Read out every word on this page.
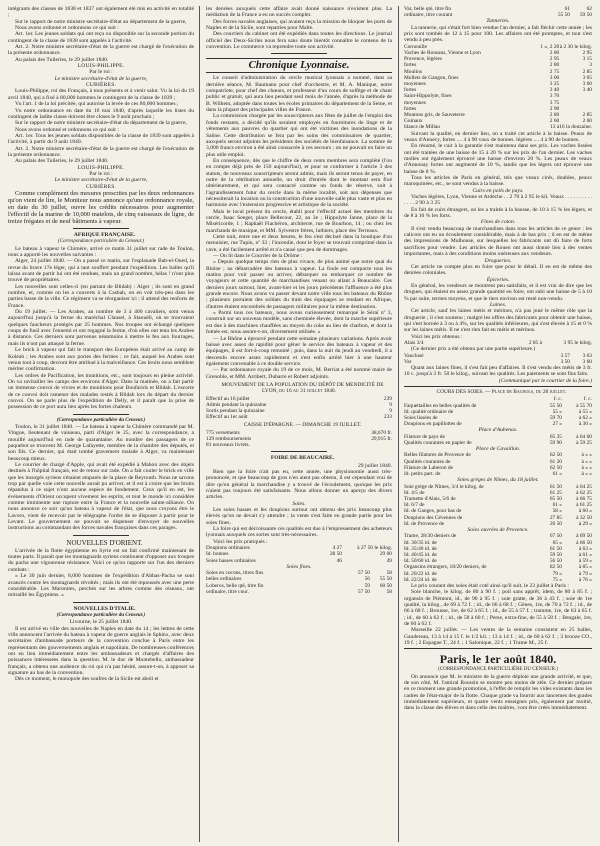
intégrants des classes de 1838 et 1837 ont également été mis en activité en totalité ;

Sur le rapport de notre ministre secrétaire-d'état au département de la guerre,

Nous avons ordonné et ordonnons ce qui suit :

Art. 1er. Les jeunes soldats qui ont reçu ou disponible sur la seconde portion du contingent de la classe de 1838 sont appelés à l'activité.

Art. 2. Notre ministre secrétaire-d'état de la guerre est chargé de l'exécution de la présente ordonnance.

Au palais des Tuileries, le 29 juillet 1840.

LOUIS-PHILIPPE.

Par le roi :

Le ministre secrétaire-d'état de la guerre,

CUBIÈRES.

Louis-Philippe, roi des Français, à tous présents et à venir salut. Vu la loi du 19 avril 1840, qui a fixé à 80,000 hommes le contingent de la classe de 1839 ;

Vu l'art. 1 de la loi précitée, qui autorise la levée de ces 80,000 hommes ;

Vu notre ordonnance en date du 16 mai 1840, d'après laquelle les listes du contingent de ladite classe doivent être closes le 9 août prochain ;

Sur le rapport de notre ministre secrétaire-d'état du département de la guerre,

Nous avons ordonné et ordonnons ce qui suit :

Art. 1er. Tous les jeunes soldats disponibles de la classe de 1839 sont appelés à l'activité, à partir du 9 août 1840.

Art. 2. Notre ministre secrétaire-d'état de la guerre est chargé de l'exécution de la présente ordonnance.

Au palais des Tuileries, le 29 juillet 1840.

LOUIS-PHILIPPE.

Par le roi :

Le ministre secrétaire-d'état de la guerre,

CUBIÈRES.

Comme complément des mesures prescrites par les deux ordonnances qu'on vient de lire, le Moniteur nous annonce qu'une ordonnance royale, en date du 30 juillet, ouvre les crédits nécessaires pour augmenter l'effectif de la marine de 10,000 matelots, de cinq vaisseaux de ligne, de treize frégates et de neuf bâtiments à vapeur.

AFRIQUE FRANÇAISE.

(Correspondance particulière du Censeur.)

Le bateau à vapeur le Chimère, arrivé ce matin 31 juillet sur rade de Toulon, nous a apporté les nouvelles suivantes :

Alger, 24 juillet 1840. — On a passé ce matin, sur l'esplanade Bab-el-Oued, la revue du brave 17e léger, qui a tant souffert pendant l'expédition. Les balles qu'il laissa avant de partir lui ont été rendues, mais un grand nombre, hélas ! n'ont plus trouvé de propriétaires.

Les nouvelles sont celles-ci (en partant de Blidah) : Alger ; ils sont en grand nombre, et, comme on les a couverts à la Casbah, on en voit très-peu dans les parties basse de la ville. Ce régiment va se réorganiser ici ; il attend des renforts de France.

Du 19 juillet. — Les Arabes, au nombre de 3 à 400 cavaliers, sont venus aujourd'hui jusqu'à la ferme du maréchal Clausel, à Staouéli, où se trouvaient quelques faucheurs protégés par 25 hommes. Nos troupes ont échangé quelques coups de fusil avec l'ennemi et ont regagné la ferme, d'où elles ont tenu les Arabes à distance. Ces derniers sont parvenus néanmoins à mettre le feu aux fourrages, mais ils n'ont pas attaqué la ferme.

Le brick à vapeur qui fait le transport des Européens était arrivé au camp de Koléah ; les Arabes sont aux portes des fermes ; ce fait, auquel les Arabes sont venus tout à coup, devront être attribué à la malveillance. Ces bruits nous semblent mériter confirmation.

Les ordres de Pacification, les munitions, etc., sont toujours en pleine activité. On va ravitailler les camps des environs d'Alger. Dans la matinée, on a fait partir un immense convoi de vivres et de munitions pour Boufarick et Blidah. L'escorte de ce convoi doit ramener des malades restés à Blidah lors du départ du dernier convoi. On ne parle plus de l'expédition de Delly, et il paraît que la prise de possession de ce port aura lieu après les fortes chaleurs.

(Correspondance particulière du Censeur.)

Toulon, le 31 juillet 1840. — Le bateau à vapeur la Chimère commandé par M. Vingue, lieutenant de vaisseau, parti d'Alger le 25, avec la correspondance, a mouillé aujourd'hui en rade de quarantaine. Au nombre des passagers de ce paquebot se trouvent M. George Lafayette, membre de la chambre des députés, et son fils. Ce dernier, qui était tombé gravement malade à Alger, va maintenant beaucoup mieux.

Le courrier de chargé d'Apple, qui avait été expédié à Mahon avec des objets destinés à l'hôpital français, est de retour sur rade. On a fait couler le brick en ville que les insurgés syriens s'étaient emparés de la place de Beyrouth. Nous ne savons trop par quelle voie cette nouvelle aurait pu arriver, et il est à croire que les bruits répandus à ce sujet n'ont aucune espèce de fondement. Ceux qu'il en est, les événements d'Orient occupent vivement les esprits, et tout le monde ici considère comme imminente une rupture entre la France et la nouvelle sainte-alliance. On nous annonce ce soir qu'un bateau à vapeur de l'état, que nous croyons être le Lavoro, vient de recevoir par le télégraphe l'ordre de se disposer à partir pour le Levant. Le gouvernement ne pouvait se dispenser d'envoyer de nouvelles instructions au commandant des forces navales françaises dans ces parages.

NOUVELLES D'ORIENT.

L'arrivée de la flotte égyptienne en Syrie est un fait confirmé maintenant de toutes parts. Il paraît que les montagnards syriens continuent d'opposer aux troupes du pacha une vigoureuse résistance. Voici ce qu'on rapporte sur l'un des derniers combats :

« Le 30 juin dernier, 8,000 hommes de l'expédition d'Abbas-Pacha se sont avancés contre les montagnards révoltés ; mais ils ont été repoussés avec une perte considérable. Les Maronites, perchés sur les arbres comme des oiseaux, ont mitraillé les Égyptiens. »

NOUVELLES D'ITALIE.

(Correspondance particulière du Censeur.)

Livourne, le 25 juillet 1840.

Il est arrivé en ville des nouvelles de Naples en date du 14 ; les lettres de cette ville annoncent l'arrivée du bateau à vapeur de guerre anglais le Sphinx, avec deux secrétaires d'ambassade porteurs de la convention conclue à Paris entre les représentants des gouvernements anglais et napolitain. De nombreuses conférences ont eu lieu immédiatement entre les ambassadeurs et chargés d'affaires des puissances intéressées dans la question. M. le duc de Montebello, ambassadeur français, a obtenu une audience du roi qui n'a pas hésité, assure-t-on, à apposer sa signature au bas de la convention.

Dès ce moment, le monopole des soufres de la Sicile est aboli et

les denrées auxquels cette affaire avait donné naissance n'existent plus. La médiation de la France a eu un succès complet.

Des forces navales anglaises, qui avaient reçu la mission de bloquer les ports de Naples et de la Sicile, sont reparties pour Malte.

Des courriers du cabinet ont été expédiés dans toutes les directions. Le journal officiel des Deux-Siciles nous fera sans doute bientôt connaître le contenu de la convention. Le commerce va reprendre toute son activité.

Chronique Lyonnaise.

Le conseil d'administration du cercle musical lyonnais a nommé, dans sa dernière séance, M. Baumann pour chef d'orchestre, et M. A. Manique, notre compatriote, pour chef des chœurs, et professeur d'un cours de solfège et de chant public et gratuit, qui aura lieu pendant seul mois de l'année, d'après la méthode de B. Wilhem, adoptée dans toutes les écoles primaires du département de la Seine, et dans la plupart des principales villes de France.

La commission chargée par les souscripteurs aux fêtes de juillet de l'emploi des fonds restants, a décidé qu'ils seraient employés en fournitures de linge et de vêtements aux pauvres du quartier qui ont été victimes des inondations de la Saône. Cette distribution se fera par les soins des commissaires de quartier, auxquels seront adjoints les présidents des sociétés de bienfaisance. La somme de 3,000 francs environ a été ainsi consacrée à ces secours ; on ne pouvait en faire un plus utile emploi.

En conséquence, dès que le chiffre de deux cents membres sera complété (l'on en compte déjà près de 150 aujourd'hui), et pour se conformer à l'article 3 des statuts, de nouveaux souscripteurs seront admis, mais ils seront tenus de payer, en outre de la rétribution annuelle, un droit d'entrée dont le montant sera fixé ultérieurement, et qui sera consacré comme un fonds de réserve, soit à l'agrandissement futur du cercle dans la même localité, soit aux dépenses que nécessiterait la location ou la construction d'une nouvelle salle plus vaste et plus en harmonie avec l'extension progressive et artistique de la société.

Mais le local présent du cercle, établi pour l'effectif actuel des membres du cercle, Isaac Seeger, place Bellecour, 22, au 3e ; Hippolyte Janne, place de la Miséricorde, 1 ; Raphaël Flachéron, architecte, rue de Bourbon, 14 ; ou chez les marchands de musique, et MM. Sylvestre frères, luthiers, place des Terreaux.

Cette nuit, entre une et deux heures, le feu s'est déclaré dans la boutique d'un menuisier, rue Tupin, nº 33 ; l'incendie, dont le foyer se trouvait comprimé dans la cave, a été facilement arrêté et n'a causé que peu de dommages.

— On lit dans le Courrier de la Drôme :

« Depuis quelque temps rien de plus vivace, de plus animé que notre quai du Rhône ; au débarcadère des bateaux à vapeur. La foule est compacte tous les matins pour voir passer ou arriver, débarquer ou embarquer ce nombre de voyageurs et cette quantité de marchandises venant ou allant à Beaucaire. Ces derniers jours surtout, hier, avant-hier et les jours précédents l'affluence a été plus grande encore. Nous avons vu passer devant notre ville tous les bateaux du Rhône ; plusieurs portaient des soldats du train des équipages se rendant en Afrique, d'autres étaient encombrés de passagers militaires pour la même destination.

» Parmi tous ces bateaux, nous avons curieusement remarqué le Séraï nº 3, construit sur un nouveau modèle, sans cheminée élevée, dont la marche supérieure est due à des machines chauffées au moyen du coke au lieu de charbon, et dont la fumée est, nous assure-t-on, diversement utilisée. »

— Le Rhône a éprouvé pendant cette semaine plusieurs variations. Après avoir baissé avec assez de rapidité pour gêner le service des bateaux à vapeur et des équipages, il est fort-à-coup remonté ; puis, dans la nuit du jeudi au vendredi, il a descendu encore assez rapidement et s'est enfin arrêté hier à une hauteur également convenable à ce double service.

— Par ordonnance royale du 19 de ce mois, M. Berriat a été nommé maire de Grenoble, et MM. Arribert, Dubarre et Robert adjoints.

MOUVEMENT DE LA POPULATION DU DÉPÔT DE MENDICITÉ DE LYON, du 16 au 31 juillet 1840.

Effectif au 16 juillet	239
Admis pendant la quinzaine	9
Sortis pendant la quinzaine	9
Effectif au 1er août	233

CAISSE D'ÉPARGNE. — DIMANCHE 19 JUILLET.

775 versements	38,670 fr.
129 remboursements	29,915 fr.
81 nouveaux livrets.	

FOIRE DE BEAUCAIRE.

29 juillet 1840.

Bien que la foire n'ait pas eu, cette année, une physionomie aussi très-prononcée, et que beaucoup de gros n'en aient pas obtenu, il est cependant vrai de dire qu'on général la marchandise y a trouvé de l'écoulement, quoique les prix n'aient pas toujours été satisfaisants. Nous allons donner un aperçu des divers articles.

Soies.

Les soies basses et les doupions surtout ont obtenu des prix beaucoup plus élevés qu'on ne devait s'y attendre ; la vente s'est faite en grande partie pour les soies fines.

La foire qui est décroissante ces qualités est due à l'empressement des acheteurs lyonnais auxquels ces sortes sont très-nécessaires.

Voici les prix pratiqués :

Doupions ordinaires	4 27	à 27 50 le kilog.
Id. bonnes	28 50	29 00
Soies basses ordinaires	46	49

Soies fines.

Soies en cocons, titres fins	57 50	58
belles ordinaires	56	55 50
Loberos, belle qté, titre fin	59	60 50
ordinaire, titre cour.	57 50	58
Var, belle qté, titre fin	61	62
ordinaire, titre courant	55 50	59 50

Tanneries.

La tannerie, qui s'était fort bien vendue l'an dernier, a fait fléchir cette année ; les prix sont tombés de 12 à 15 pour 100. Les affaires ont été promptes, et tout s'est vendu à peu près.

Cornouille	1 », 2 20	à 2 30 le kilog.
Vaches de Ronsans, Vienne et Lyon	2 80	2 95
Provence, légères	2 95	3 15
fortes	2 80	3
Moulins	2 75	2 85
Mollets de Gangon, fines	3 00	3 05
moyennes	3 25	3 60
fortes	3 40	3 40
Saint-Hippolyte, fines	3 70	
moyennes	3 75	
fortes	2 90	
Moutons gris, de Sauveterre	2 80	2 85
Guinaux	2 60	2 60
blancs de Millau	13 à	16 la douzaine.

Suivant la qualité, en dernier lieu, on a traité cet article à la baisse. Peaux de veaux d'Annecy, fortes .... 4 à 90 vaux de bonnes. légères .... 4 à 90 de bonnes.

En résumé, le cuir à la garantie s'est maintenu dans ses prix. Les vaches lissées ont été traitées de une baisse de 15 à 20 % sur les prix de l'an dernier. Les vaches molles ont également éprouvé une baisse d'environ 20 %. Les peaux de veaux d'Annonay fortes ont augmenté de 10 %, tandis que les légers ont éprouvé une baisse de 8 %.

Tous les articles de Paris en général, tels que veaux cirés, doubles, peaux maroquinées, etc., se sont vendus à la baisse.

Cuirs en poils de pays.

Vaches légères, Lyon, Vienne et Ardèche . . 2 70 à 2 95 le kil. Veaux . . . . . . . . . . . . . . 2 90 à 3 25

En fait de cuirs étrangers, on les a traités à la hausse, de 10 à 15 % les légers, et de 8 à 10 % les forts.

Fines de coton.

Il s'est vendu beaucoup de marchandises dans tous les articles de ce genre : les calicots ont eu un écoulement considérable, mais à de bas prix ; il en est de même des impressions de Mulhouse, sur lesquelles les fabricants ont dû faire de forts sacrifices pour vendre. Les articles de Rouen ont aussi donné lieu à des ventes importantes, mais à des conditions moins onéreuses aux vendeurs.

Drogueries.

Cet article ne compte plus en foire que pour le détail. Il en est de même des denrées coloniales.

Épiceries.

En général, les vendeurs se montrent peu satisfaits, et il est vrai de dire que les drogues, qui étaient en assez grande quantité en foire, ont subi une baisse de 5 à 10 % par suite, termes moyens, et que le tiers environ est resté non-vendu.

Laines.

Cet article, sauf les laines métis et mérinos, n'a pas joué le même rôle que la droguerie ; il s'est soutenu ; malgré les offres des fabricants pour obtenir une baisse, qui s'est bornée à 3 ou à 4%, sur les qualités inférieures, qui s'est élevée à 15 et 0 % sur les laines métis. Il ne s'est rien fait en métis et mérinos.

Voici les prix obtenus :

Alais 3/4	2 85 à	3 95 le kilog.

(Ce dernier prix a été obtenu par une partie supérieure.)

Vauclusé	3 57	3 63
Var	3 50	3 60

Quant aux laines fines, il s'est fait peu d'affaires. Il s'est vendu des métis de 3 fr. 10 c. jusqu'à 3 fr. 50 le kilog., suivant les qualités. Les paiements se sont fins faits.

(Communiqué par le courtier de la foire.)

COURS DES SOIES. — Place de Bagnols, du 28 juillet.

	f. c.	f. c.
Faquettailles en belles qualités de	55 50	à 55 70
Id. qualité ordinaire de	55 »	à 55 »
Soies lissées de	59 70	à 62 »
Doupions en papillottes de	27 »	à 30 »

Place d'Aubenas.

Filature de pays de	65 35	à 64 60
Qualités courantes en papier de	59 90	à 59 25

Place de Cavaillon.

Belles filatures de Provence de	62 50	à » »
Qualités courantes de	61 20	à » »
Filature de Laberon de	62 50	à » »
Id. petits part. de	61 »	à » »

Soies grèges de Nîmes, du 18 juillet.

Soie grège de Nîmes, 3/4 le kilog. de	61 50	à 64 25
Id. 4/5 de	61 25	à 62 25
Tramette d'Alais, 5/6 de	65 50	à 66 75
Id. 6/7 de	61 »	à 61 25
Id. de Ganges, pour bas de	58 »	à 60 »
Doupions des Cévennes de	27 85	à 32 50
Id. de Provence de	26 50	à 29 »

Soies ouvrées de Provence.

Trame, 28/30 deniers de	67 50	à 69 50
Id. 30/35 id. de	65 »	à 66 50
Id. 35/40 id. de	61 50	à 63 »
Id. 40/45 id. de	59 50	à 61 »
Id. 50/60 id. de	56 50	à 59 »
Organsins étrangers, 18/20 deniers, de	82 50	à 85 »
Id. 20/22 id. de	79 »	à 79 »
Id. 22/24 id. de	75 »	à 76 »

Le prix courant des soies était coté ainsi qu'il suit, le 23 juillet à Paris :

Soie blanche, le kilog. de 80 à 90 f. ; poil sans apprêt, idem, de 80 à 85 f. ; organsin de Piémont, id., de 90 à 95 f. ; soie gratte, de 36 à 43 f. ; soie de 1re qualité, la kilog., de 69 à 72 f. ; id., de 66 à 68 f. ; Gênes, 1re, de 70 à 72 f. ; id., de 66 à 68 f. ; Brousse, 1re, de 62 à 65 f. ; id., de 55 à 57 f. ; tramme, 1re, de 63 à 65 f. ; id., de 60 à 62 f. ; id., de 58 à 60 f. ; Perse, extra-fine, de 55 à 58 f. ; Bengale, 1re, de 60 à 62 f.

Marseille 22 juillet. — Les ventes de la semaine consistent en 25 balles, Gaudereau, 13 à 14 à 15 f. le 1/2 kil. ; 13 à 14 f. ; id., de 60 à 62 f. ; 3 bronze CO., 19 f. ; 2 Espagne T., 24 f. ; 1 Salonique, 22 f. ; 1 Trame M., 25 f.

Paris, le 1er août 1840.

(CORRESPONDANCE PARTICULIÈRE DU CENSEUR.)

On annonce que M. le ministre de la guerre déploie une grande activité, et que, de son côté, M. l'amiral Roussin se montre peu moins de zèle. Ce dernier prépare en ce moment une grande promotion, à l'effet de remplir les vides existants dans les cadres de l'état-major de la flotte. Chaque grade va fournir aux lancemes des grades immédiatement supérieurs, et quatre vents enseignes pris, également par moitié, dans la classe des élèves et dans celle des maîtres, vont être créés immédiatement.
